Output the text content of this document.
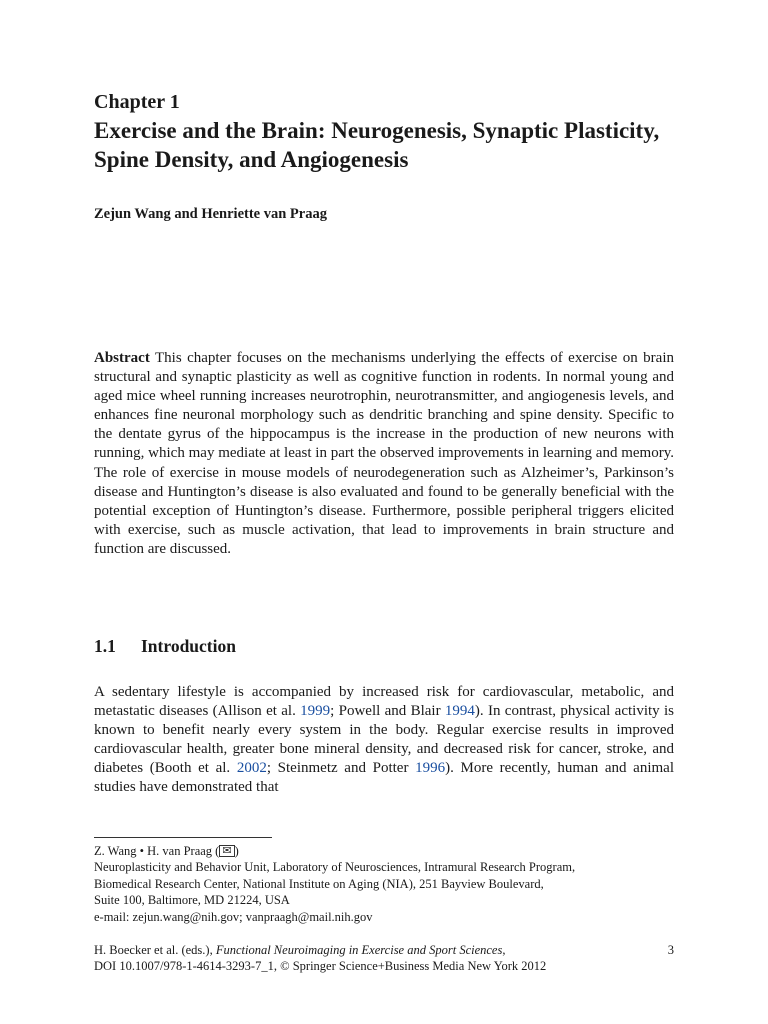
Chapter 1
Exercise and the Brain: Neurogenesis, Synaptic Plasticity, Spine Density, and Angiogenesis
Zejun Wang and Henriette van Praag

Abstract This chapter focuses on the mechanisms underlying the effects of exercise on brain structural and synaptic plasticity as well as cognitive function in rodents. In normal young and aged mice wheel running increases neurotrophin, neurotransmitter, and angiogenesis levels, and enhances fine neuronal morphology such as dendritic branching and spine density. Specific to the dentate gyrus of the hippocampus is the increase in the production of new neurons with running, which may mediate at least in part the observed improvements in learning and memory. The role of exercise in mouse models of neurodegeneration such as Alzheimer’s, Parkinson’s disease and Huntington’s disease is also evaluated and found to be generally beneficial with the potential exception of Huntington’s disease. Furthermore, possible peripheral triggers elicited with exercise, such as muscle activation, that lead to improvements in brain structure and function are discussed.

1.1 Introduction

A sedentary lifestyle is accompanied by increased risk for cardiovascular, metabolic, and metastatic diseases (Allison et al. 1999; Powell and Blair 1994). In contrast, physical activity is known to benefit nearly every system in the body. Regular exercise results in improved cardiovascular health, greater bone mineral density, and decreased risk for cancer, stroke, and diabetes (Booth et al. 2002; Steinmetz and Potter 1996). More recently, human and animal studies have demonstrated that

Z. Wang • H. van Praag ( ✉ )
Neuroplasticity and Behavior Unit, Laboratory of Neurosciences, Intramural Research Program,
Biomedical Research Center, National Institute on Aging (NIA), 251 Bayview Boulevard,
Suite 100, Baltimore, MD 21224, USA
e-mail: zejun.wang@nih.gov; vanpraagh@mail.nih.gov
H. Boecker et al. (eds.), Functional Neuroimaging in Exercise and Sport Sciences,	3
DOI 10.1007/978-1-4614-3293-7_1, © Springer Science+Business Media New York 2012
